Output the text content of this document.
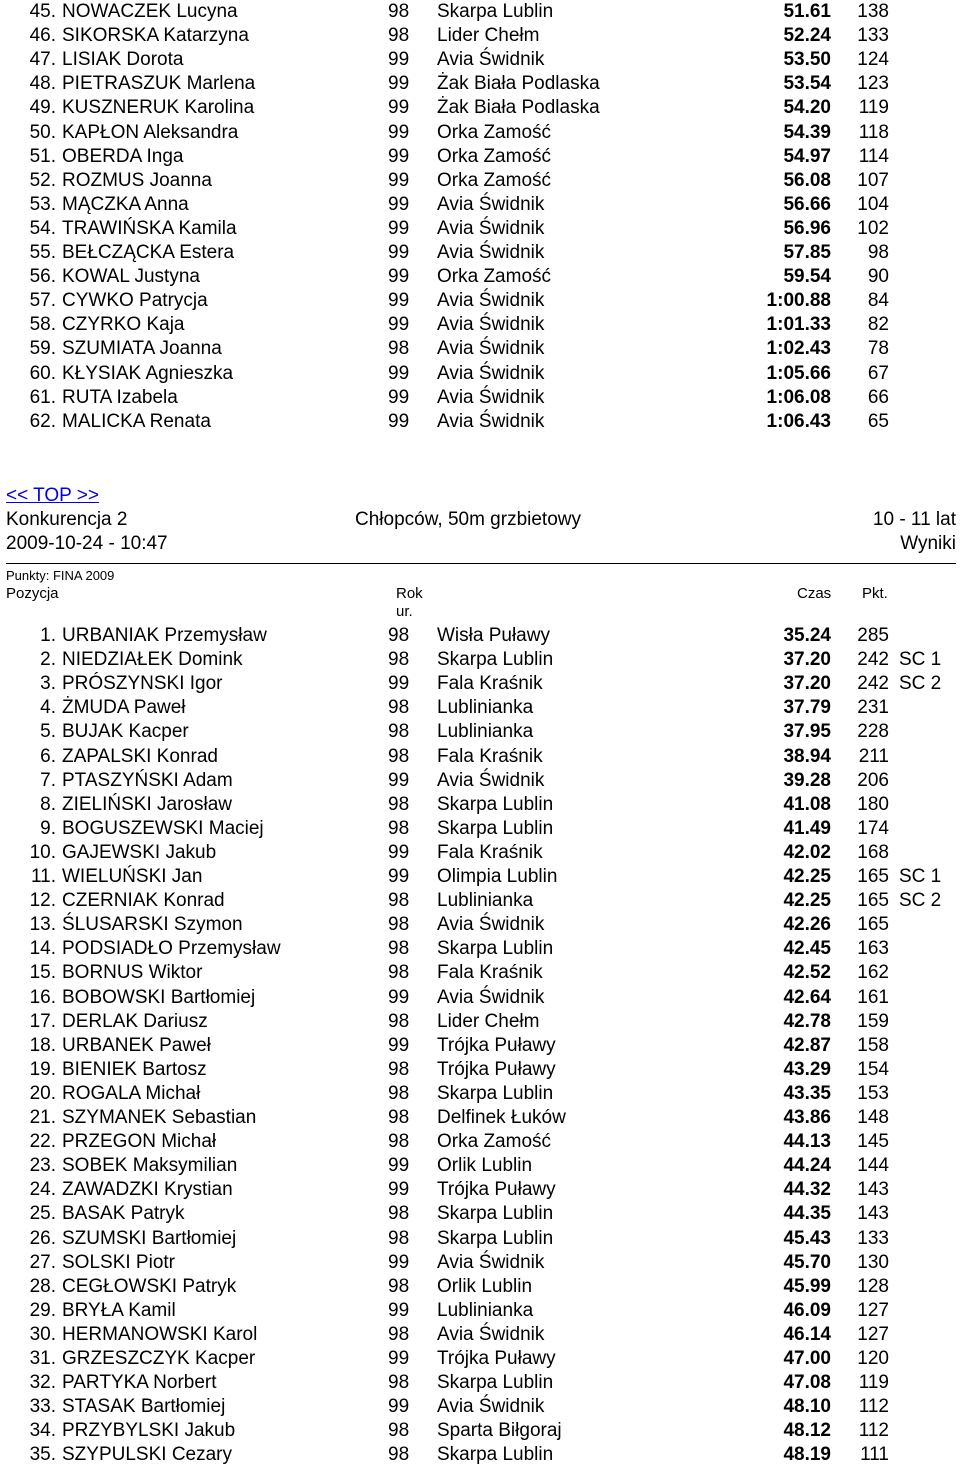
45. NOWACZEK Lucyna	98 Skarpa Lublin	51.61 138
46. SIKORSKA Katarzyna	98 Lider Chełm	52.24 133
47. LISIAK Dorota	99 Avia Świdnik	53.50 124
48. PIETRASZUK Marlena	99 Żak Biała Podlaska	53.54 123
49. KUSZNERUK Karolina	99 Żak Biała Podlaska	54.20	119
50. KAPŁON Aleksandra	99 Orka Zamość	54.39	118
51. OBERDA Inga	99 Orka Zamość	54.97	114
52. ROZMUS Joanna	99 Orka Zamość	56.08 107
53. MĄCZKA Anna	99 Avia Świdnik	56.66 104
54. TRAWIŃSKA Kamila	99 Avia Świdnik	56.96 102
55. BEŁCZĄCKA Estera	99 Avia Świdnik	57.85	98
56. KOWAL Justyna	99 Orka Zamość	59.54	90
57. CYWKO Patrycja	99 Avia Świdnik	1:00.88	84
58. CZYRKO Kaja	99 Avia Świdnik	1:01.33	82
59. SZUMIATA Joanna	98 Avia Świdnik	1:02.43	78
60. KŁYSIAK Agnieszka	99 Avia Świdnik	1:05.66	67
61. RUTA Izabela	99 Avia Świdnik	1:06.08	66
62. MALICKA Renata	99 Avia Świdnik	1:06.43	65
<< TOP >>
Konkurencja 2	Chłopców, 50m grzbietowy	10 - 11 lat
2009-10-24 - 10:47	Wyniki
Punkty: FINA 2009
Pozycja	Rok
ur.
Czas Pkt.
1. URBANIAK Przemysław	98 Wisła Puławy	35.24 285
2. NIEDZIAŁEK Domink	98 Skarpa Lublin	37.20 242 SC 1
3. PRÓSZYNSKI Igor	99 Fala Kraśnik	37.20 242 SC 2
4. ŻMUDA Paweł	98 Lublinianka	37.79 231
5. BUJAK Kacper	98 Lublinianka	37.95 228
6. ZAPALSKI Konrad	98 Fala Kraśnik	38.94	211
7. PTASZYŃSKI Adam	99 Avia Świdnik	39.28 206
8. ZIELIŃSKI Jarosław	98 Skarpa Lublin	41.08 180
9. BOGUSZEWSKI Maciej	98 Skarpa Lublin	41.49 174
10. GAJEWSKI Jakub	99 Fala Kraśnik	42.02 168
11. WIELUŃSKI Jan	99 Olimpia Lublin	42.25 165 SC 1
12. CZERNIAK Konrad	98 Lublinianka	42.25 165 SC 2
13. ŚLUSARSKI Szymon	98 Avia Świdnik	42.26 165
14. PODSIADŁO Przemysław	98 Skarpa Lublin	42.45 163
15. BORNUS Wiktor	98 Fala Kraśnik	42.52 162
16. BOBOWSKI Bartłomiej	99 Avia Świdnik	42.64 161
17. DERLAK Dariusz	98 Lider Chełm	42.78 159
18. URBANEK Paweł	99 Trójka Puławy	42.87 158
19. BIENIEK Bartosz	98 Trójka Puławy	43.29 154
20. ROGALA Michał	98 Skarpa Lublin	43.35 153
21. SZYMANEK Sebastian	98 Delfinek Łuków	43.86 148
22. PRZEGON Michał	98 Orka Zamość	44.13 145
23. SOBEK Maksymilian	99 Orlik Lublin	44.24 144
24. ZAWADZKI Krystian	99 Trójka Puławy	44.32 143
25. BASAK Patryk	98 Skarpa Lublin	44.35 143
26. SZUMSKI Bartłomiej	98 Skarpa Lublin	45.43 133
27. SOLSKI Piotr	99 Avia Świdnik	45.70 130
28. CEGŁOWSKI Patryk	98 Orlik Lublin	45.99 128
29. BRYŁA Kamil	99 Lublinianka	46.09 127
30. HERMANOWSKI Karol	98 Avia Świdnik	46.14 127
31. GRZESZCZYK Kacper	99 Trójka Puławy	47.00 120
32. PARTYKA Norbert	98 Skarpa Lublin	47.08	119
33. STASAK Bartłomiej	99 Avia Świdnik	48.10	112
34. PRZYBYLSKI Jakub	98 Sparta Biłgoraj	48.12	112
35. SZYPULSKI Cezary	98 Skarpa Lublin	48.19	111
